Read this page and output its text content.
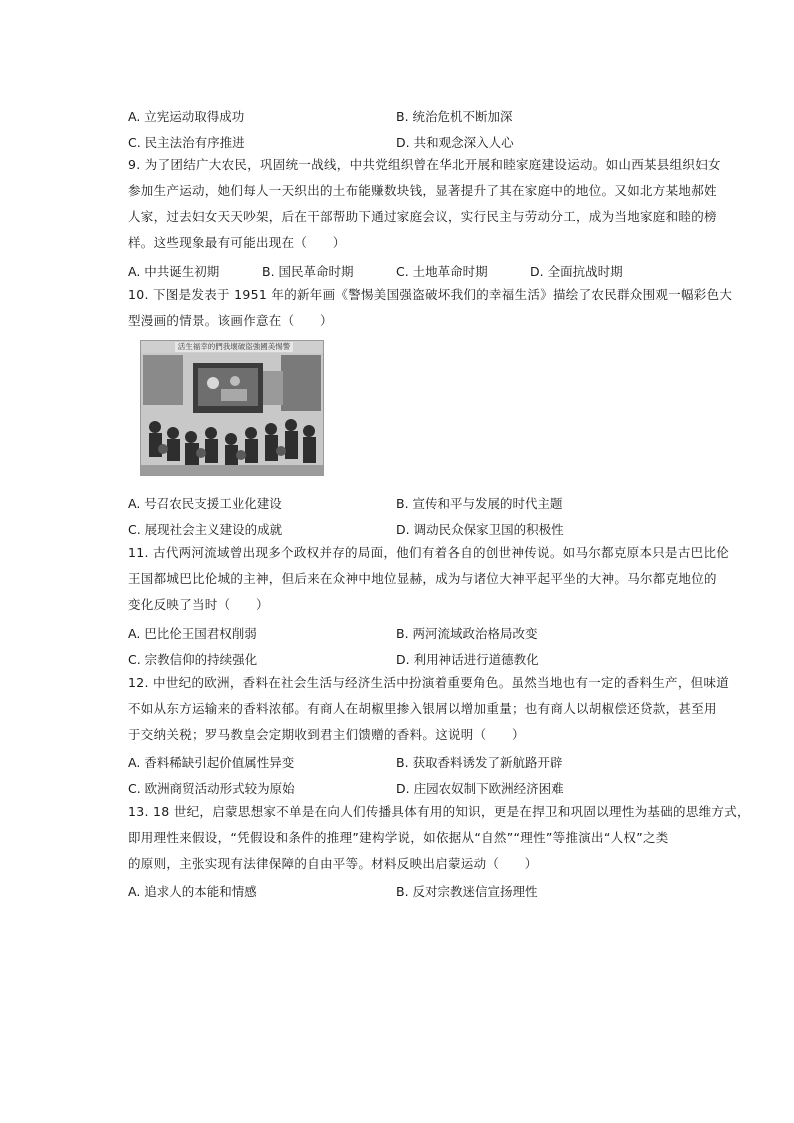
A. 立宪运动取得成功	B. 统治危机不断加深
C. 民主法治有序推进	D. 共和观念深入人心
9. 为了团结广大农民，巩固统一战线，中共党组织曾在华北开展和睦家庭建设运动。如山西某县组织妇女
参加生产运动，她们每人一天织出的土布能赚数块钱，显著提升了其在家庭中的地位。又如北方某地郝姓
人家，过去妇女天天吵架，后在干部帮助下通过家庭会议，实行民主与劳动分工，成为当地家庭和睦的榜
样。这些现象最有可能出现在（　　）
A. 中共诞生初期	B. 国民革命时期	C. 土地革命时期	D. 全面抗战时期
10. 下图是发表于 1951 年的新年画《警惕美国强盗破坏我们的幸福生活》描绘了农民群众围观一幅彩色大
型漫画的情景。该画作意在（　　）
活生福幸的們我壞破盜強國美惕警
A. 号召农民支援工业化建设	B. 宣传和平与发展的时代主题
C. 展现社会主义建设的成就	D. 调动民众保家卫国的积极性
11. 古代两河流域曾出现多个政权并存的局面，他们有着各自的创世神传说。如马尔都克原本只是古巴比伦
王国都城巴比伦城的主神，但后来在众神中地位显赫，成为与诸位大神平起平坐的大神。马尔都克地位的
变化反映了当时（　　）
A. 巴比伦王国君权削弱	B. 两河流域政治格局改变
C. 宗教信仰的持续强化	D. 利用神话进行道德教化
12. 中世纪的欧洲，香料在社会生活与经济生活中扮演着重要角色。虽然当地也有一定的香料生产，但味道
不如从东方运输来的香料浓郁。有商人在胡椒里掺入银屑以增加重量；也有商人以胡椒偿还贷款，甚至用
于交纳关税；罗马教皇会定期收到君主们馈赠的香料。这说明（　　）
A. 香料稀缺引起价值属性异变	B. 获取香料诱发了新航路开辟
C. 欧洲商贸活动形式较为原始	D. 庄园农奴制下欧洲经济困难
13. 18 世纪，启蒙思想家不单是在向人们传播具体有用的知识，更是在捍卫和巩固以理性为基础的思维方式，
即用理性来假设，“凭假设和条件的推理”建构学说，如依据从“自然”“理性”等推演出“人权”之类
的原则，主张实现有法律保障的自由平等。材料反映出启蒙运动（　　）
A. 追求人的本能和情感	B. 反对宗教迷信宣扬理性
